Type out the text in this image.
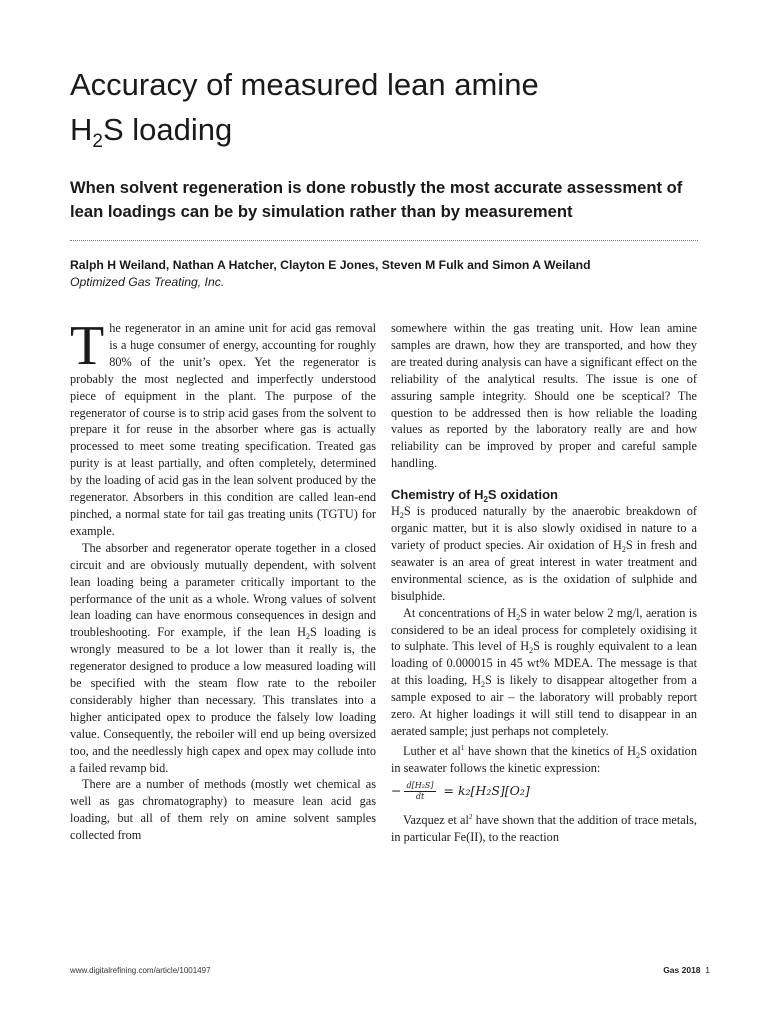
Accuracy of measured lean amine
$H_2S$ loading
When solvent regeneration is done robustly the most accurate assessment of lean loadings can be by simulation rather than by measurement
Ralph H Weiland, Nathan A Hatcher, Clayton E Jones, Steven M Fulk and Simon A Weiland
Optimized Gas Treating, Inc.

The regenerator in an amine unit for acid gas removal is a huge consumer of energy, accounting for roughly 80% of the unit’s opex. Yet the regenerator is probably the most neglected and imperfectly understood piece of equipment in the plant. The purpose of the regenerator of course is to strip acid gases from the solvent to prepare it for reuse in the absorber where gas is actually processed to meet some treating specification. Treated gas purity is at least partially, and often completely, determined by the loading of acid gas in the lean solvent produced by the regenerator. Absorbers in this condition are called lean-end pinched, a normal state for tail gas treating units (TGTU) for example.

The absorber and regenerator operate together in a closed circuit and are obviously mutually dependent, with solvent lean loading being a parameter critically important to the performance of the unit as a whole. Wrong values of solvent lean loading can have enormous consequences in design and troubleshooting. For example, if the lean $H_2S$ loading is wrongly measured to be a lot lower than it really is, the regenerator designed to produce a low measured loading will be specified with the steam flow rate to the reboiler considerably higher than necessary. This translates into a higher anticipated opex to produce the falsely low loading value. Consequently, the reboiler will end up being oversized too, and the needlessly high capex and opex may collude into a failed revamp bid.

There are a number of methods (mostly wet chemical as well as gas chromatography) to measure lean acid gas loading, but all of them rely on amine solvent samples collected from

somewhere within the gas treating unit. How lean amine samples are drawn, how they are transported, and how they are treated during analysis can have a significant effect on the reliability of the analytical results. The issue is one of assuring sample integrity. Should one be sceptical? The question to be addressed then is how reliable the loading values as reported by the laboratory really are and how reliability can be improved by proper and careful sample handling.

Chemistry of $H_2S$ oxidation

$H_2S$ is produced naturally by the anaerobic breakdown of organic matter, but it is also slowly oxidised in nature to a variety of product species. Air oxidation of $H_2S$ in fresh and seawater is an area of great interest in water treatment and environmental science, as is the oxidation of sulphide and bisulphide.

At concentrations of $H_2S$ in water below 2 mg/l, aeration is considered to be an ideal process for completely oxidising it to sulphate. This level of $H_2S$ is roughly equivalent to a lean loading of 0.000015 in 45 wt% MDEA. The message is that at this loading, $H_2S$ is likely to disappear altogether from a sample exposed to air – the laboratory will probably report zero. At higher loadings it will still tend to disappear in an aerated sample; just perhaps not completely.

Luther et $al^1$ have shown that the kinetics of $H_2S$ oxidation in seawater follows the kinetic expression:

− $\frac{\text{d[H₂S]}}{dt} = k_2[H_2S][O_2]$

Vazquez et $al^2$ have shown that the addition of trace metals, in particular Fe(II), to the reaction

www.digitalrefining.com/article/1001497	Gas 2018 1
